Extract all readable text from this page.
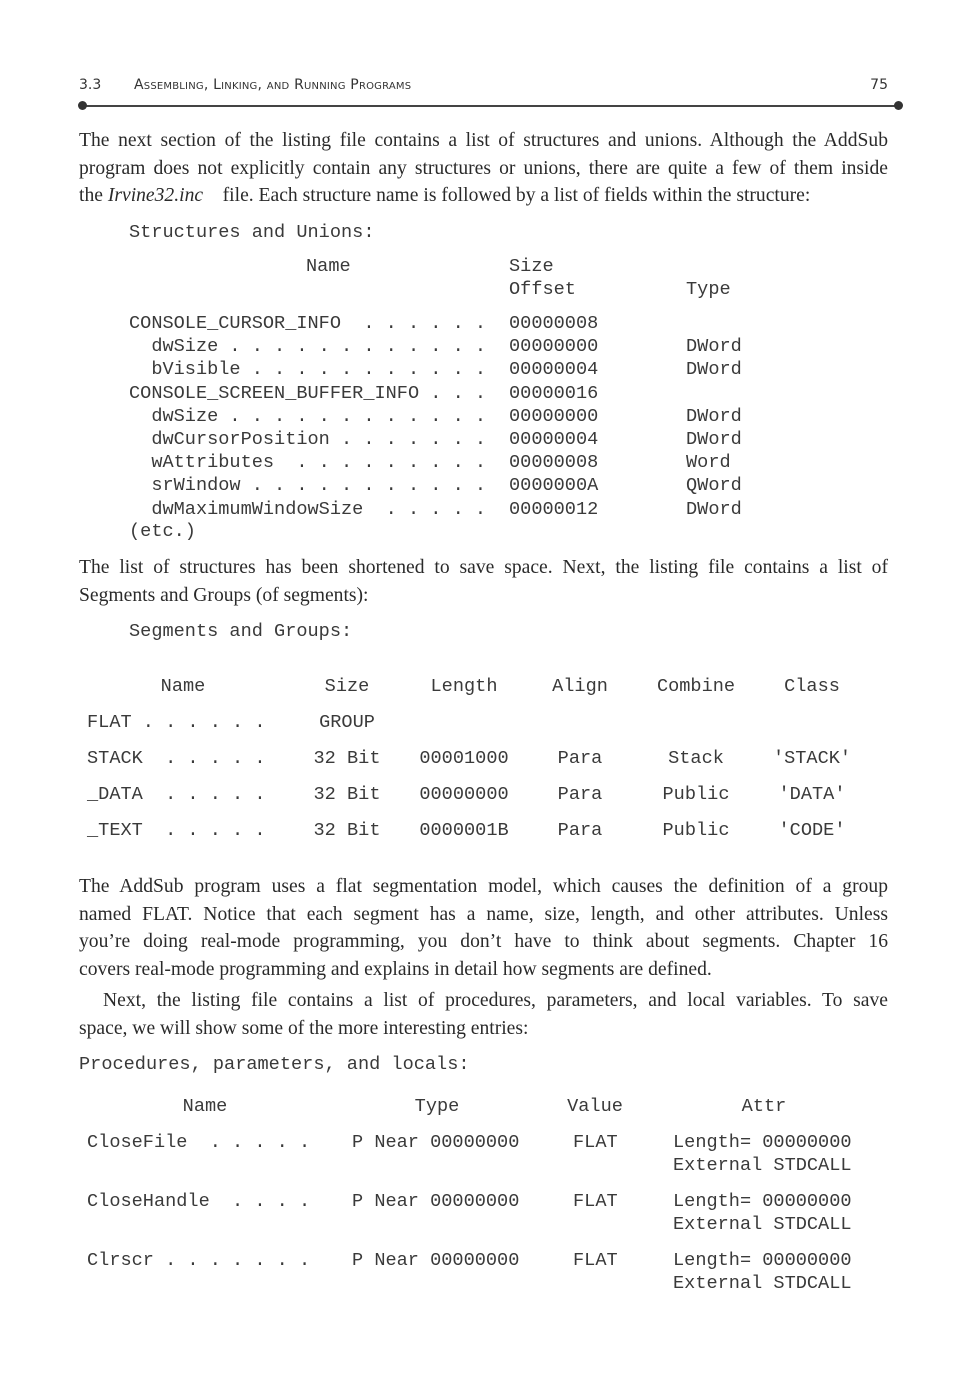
3.3 Assembling, Linking, and Running Programs	75
The next section of the listing file contains a list of structures and unions. Although the AddSub
program does not explicitly contain any structures or unions, there are quite a few of them inside
the Irvine32.inc file. Each structure name is followed by a list of fields within the structure:
The list of structures has been shortened to save space. Next, the listing file contains a list of
Segments and Groups (of segments):
The AddSub program uses a flat segmentation model, which causes the definition of a group
named FLAT. Notice that each segment has a name, size, length, and other attributes. Unless
you’re doing real-mode programming, you don’t have to think about segments. Chapter 16
covers real-mode programming and explains in detail how segments are defined.
Next, the listing file contains a list of procedures, parameters, and local variables. To save
space, we will show some of the more interesting entries:
Structures and Unions:
Name	Size
Offset	Type
CONSOLE_CURSOR_INFO  . . . . . . 00000008
dwSize . . . . . . . . . . . . 00000000	DWord
bVisible . . . . . . . . . . . 00000004	DWord
CONSOLE_SCREEN_BUFFER_INFO . . . 00000016
dwSize . . . . . . . . . . . . 00000000	DWord
dwCursorPosition . . . . . . . 00000004	DWord
wAttributes  . . . . . . . . . 00000008	Word
srWindow . . . . . . . . . . . 0000000A	QWord
dwMaximumWindowSize  . . . . . 00000012	DWord
(etc.)
Segments and Groups:
Name	Size	Length	Align	Combine	Class
FLAT . . . . . .	GROUP
STACK  . . . . .	32 Bit 00001000	Para	Stack	'STACK'
_DATA  . . . . .	32 Bit 00000000	Para	Public	'DATA'
_TEXT  . . . . .	32 Bit 0000001B	Para	Public	'CODE'
Procedures, parameters, and locals:
Name	Type	Value	Attr
CloseFile  . . . . . P Near 00000000	FLAT	Length= 00000000
External STDCALL
CloseHandle  . . . . P Near 00000000	FLAT	Length= 00000000
External STDCALL
Clrscr . . . . . . . P Near 00000000	FLAT	Length= 00000000
External STDCALL
